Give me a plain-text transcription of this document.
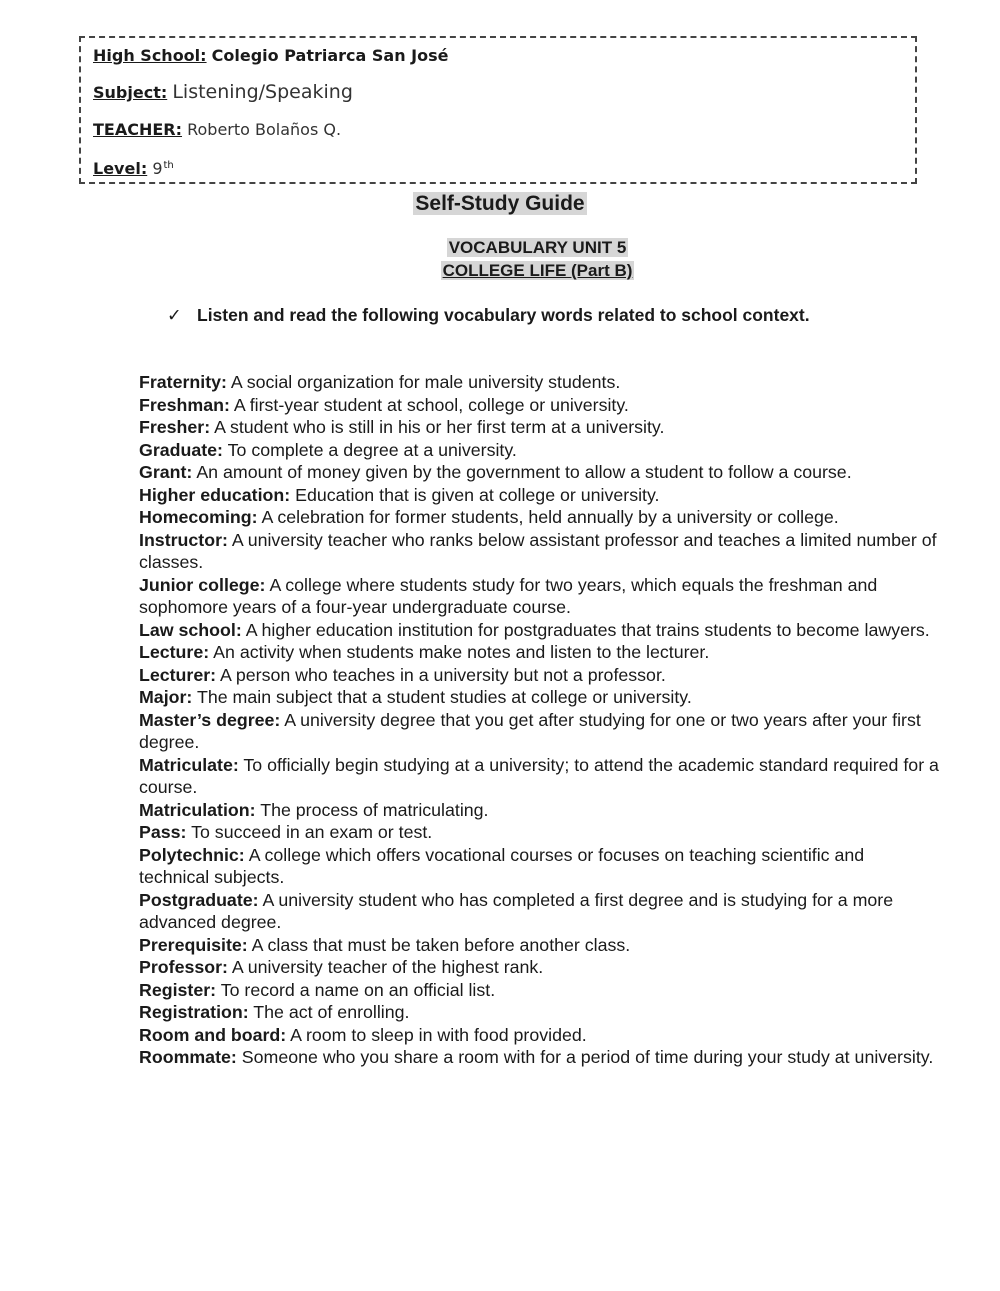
High School: Colegio Patriarca San José
Subject: Listening/Speaking
TEACHER: Roberto Bolaños Q.
Level: 9th
Self-Study Guide
VOCABULARY UNIT 5
COLLEGE LIFE (Part B)
✓ Listen and read the following vocabulary words related to school context.
Fraternity: A social organization for male university students.
Freshman: A first-year student at school, college or university.
Fresher: A student who is still in his or her first term at a university.
Graduate: To complete a degree at a university.
Grant: An amount of money given by the government to allow a student to follow a course.
Higher education: Education that is given at college or university.
Homecoming: A celebration for former students, held annually by a university or college.
Instructor: A university teacher who ranks below assistant professor and teaches a limited number of classes.
Junior college: A college where students study for two years, which equals the freshman and sophomore years of a four-year undergraduate course.
Law school: A higher education institution for postgraduates that trains students to become lawyers.
Lecture: An activity when students make notes and listen to the lecturer.
Lecturer: A person who teaches in a university but not a professor.
Major: The main subject that a student studies at college or university.
Master’s degree: A university degree that you get after studying for one or two years after your first degree.
Matriculate: To officially begin studying at a university; to attend the academic standard required for a course.
Matriculation: The process of matriculating.
Pass: To succeed in an exam or test.
Polytechnic: A college which offers vocational courses or focuses on teaching scientific and technical subjects.
Postgraduate: A university student who has completed a first degree and is studying for a more advanced degree.
Prerequisite: A class that must be taken before another class.
Professor: A university teacher of the highest rank.
Register: To record a name on an official list.
Registration: The act of enrolling.
Room and board: A room to sleep in with food provided.
Roommate: Someone who you share a room with for a period of time during your study at university.
